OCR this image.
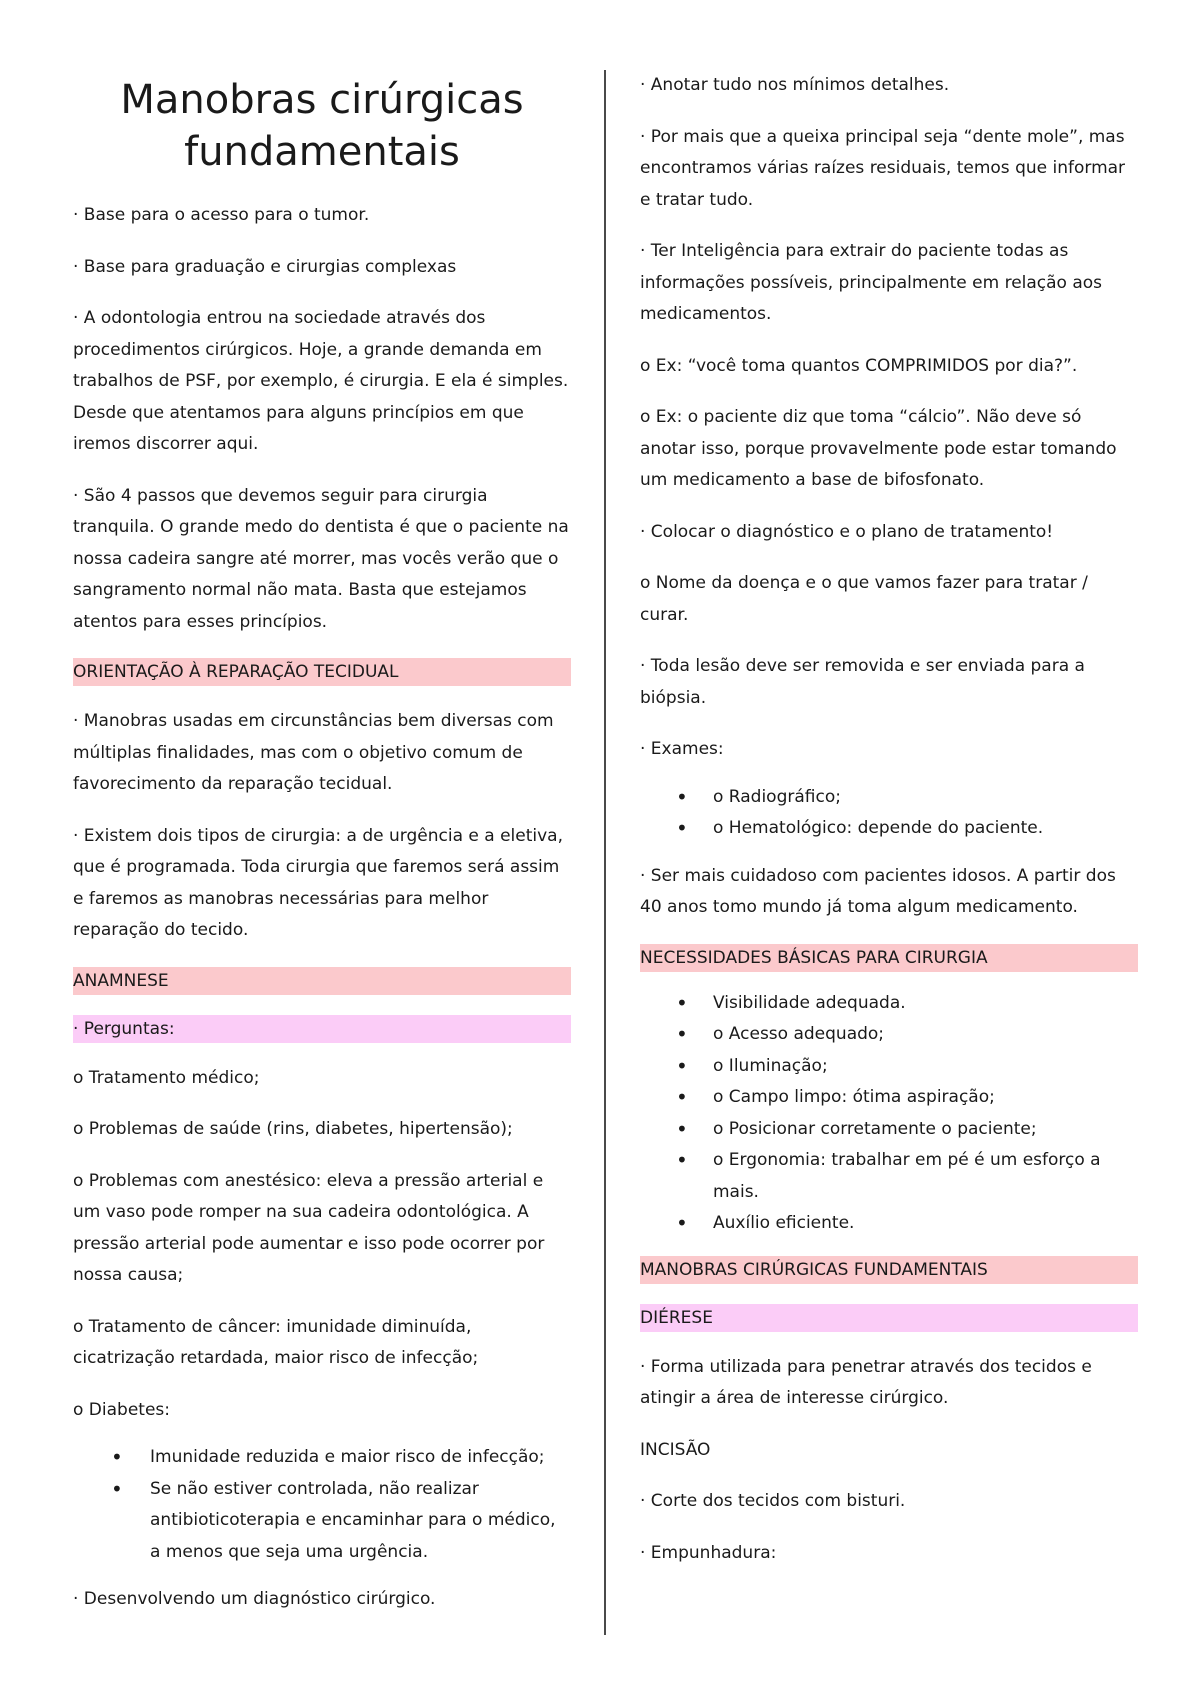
Manobras cirúrgicas fundamentais

· Base para o acesso para o tumor.

· Base para graduação e cirurgias complexas

· A odontologia entrou na sociedade através dos procedimentos cirúrgicos. Hoje, a grande demanda em trabalhos de PSF, por exemplo, é cirurgia. E ela é simples. Desde que atentamos para alguns princípios em que iremos discorrer aqui.

· São 4 passos que devemos seguir para cirurgia tranquila. O grande medo do dentista é que o paciente na nossa cadeira sangre até morrer, mas vocês verão que o sangramento normal não mata. Basta que estejamos atentos para esses princípios.

ORIENTAÇÃO À REPARAÇÃO TECIDUAL

· Manobras usadas em circunstâncias bem diversas com múltiplas finalidades, mas com o objetivo comum de favorecimento da reparação tecidual.

· Existem dois tipos de cirurgia: a de urgência e a eletiva, que é programada. Toda cirurgia que faremos será assim e faremos as manobras necessárias para melhor reparação do tecido.

ANAMNESE
· Perguntas:

o Tratamento médico;

o Problemas de saúde (rins, diabetes, hipertensão);

o Problemas com anestésico: eleva a pressão arterial e um vaso pode romper na sua cadeira odontológica. A pressão arterial pode aumentar e isso pode ocorrer por nossa causa;

o Tratamento de câncer: imunidade diminuída, cicatrização retardada, maior risco de infecção;

o Diabetes:

• Imunidade reduzida e maior risco de infecção;
• Se não estiver controlada, não realizar antibioticoterapia e encaminhar para o médico, a menos que seja uma urgência.

· Desenvolvendo um diagnóstico cirúrgico.

· Anotar tudo nos mínimos detalhes.

· Por mais que a queixa principal seja “dente mole”, mas encontramos várias raízes residuais, temos que informar e tratar tudo.

· Ter Inteligência para extrair do paciente todas as informações possíveis, principalmente em relação aos medicamentos.

o Ex: “você toma quantos COMPRIMIDOS por dia?”.

o Ex: o paciente diz que toma “cálcio”. Não deve só anotar isso, porque provavelmente pode estar tomando um medicamento a base de bifosfonato.

· Colocar o diagnóstico e o plano de tratamento!

o Nome da doença e o que vamos fazer para tratar / curar.

· Toda lesão deve ser removida e ser enviada para a biópsia.

· Exames:

• o Radiográfico;
• o Hematológico: depende do paciente.

· Ser mais cuidadoso com pacientes idosos. A partir dos 40 anos tomo mundo já toma algum medicamento.

NECESSIDADES BÁSICAS PARA CIRURGIA
• Visibilidade adequada.
• o Acesso adequado;
• o Iluminação;
• o Campo limpo: ótima aspiração;
• o Posicionar corretamente o paciente;
• o Ergonomia: trabalhar em pé é um esforço a mais.
• Auxílio eficiente.
MANOBRAS CIRÚRGICAS FUNDAMENTAIS
DIÉRESE

· Forma utilizada para penetrar através dos tecidos e atingir a área de interesse cirúrgico.

INCISÃO

· Corte dos tecidos com bisturi.

· Empunhadura:
